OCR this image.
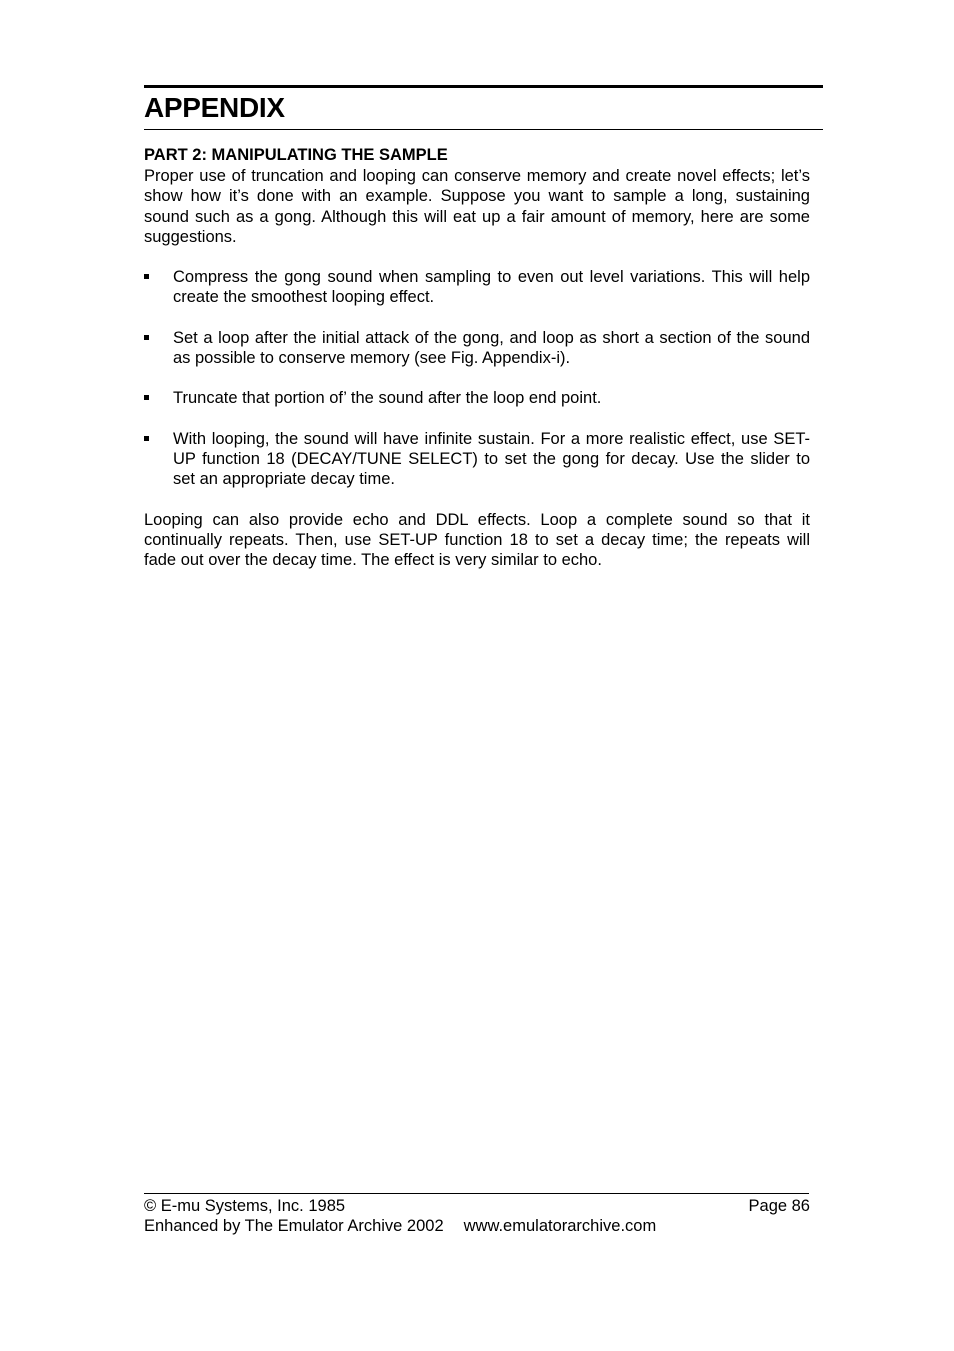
APPENDIX
PART 2: MANIPULATING THE SAMPLE

Proper use of truncation and looping can conserve memory and create novel effects; let’s show how it’s done with an example. Suppose you want to sample a long, sustaining sound such as a gong. Although this will eat up a fair amount of memory, here are some suggestions.

Compress the gong sound when sampling to even out level variations. This will help create the smoothest looping effect.
Set a loop after the initial attack of the gong, and loop as short a section of the sound as possible to conserve memory (see Fig. Appendix-i).
Truncate that portion of’ the sound after the loop end point.
With looping, the sound will have infinite sustain. For a more realistic effect, use SET-UP function 18 (DECAY/TUNE SELECT) to set the gong for decay. Use the slider to set an appropriate decay time.

Looping can also provide echo and DDL effects. Loop a complete sound so that it continually repeats. Then, use SET-UP function 18 to set a decay time; the repeats will fade out over the decay time. The effect is very similar to echo.

© E-mu Systems, Inc. 1985	Page 86
Enhanced by The Emulator Archive 2002 www.emulatorarchive.com
